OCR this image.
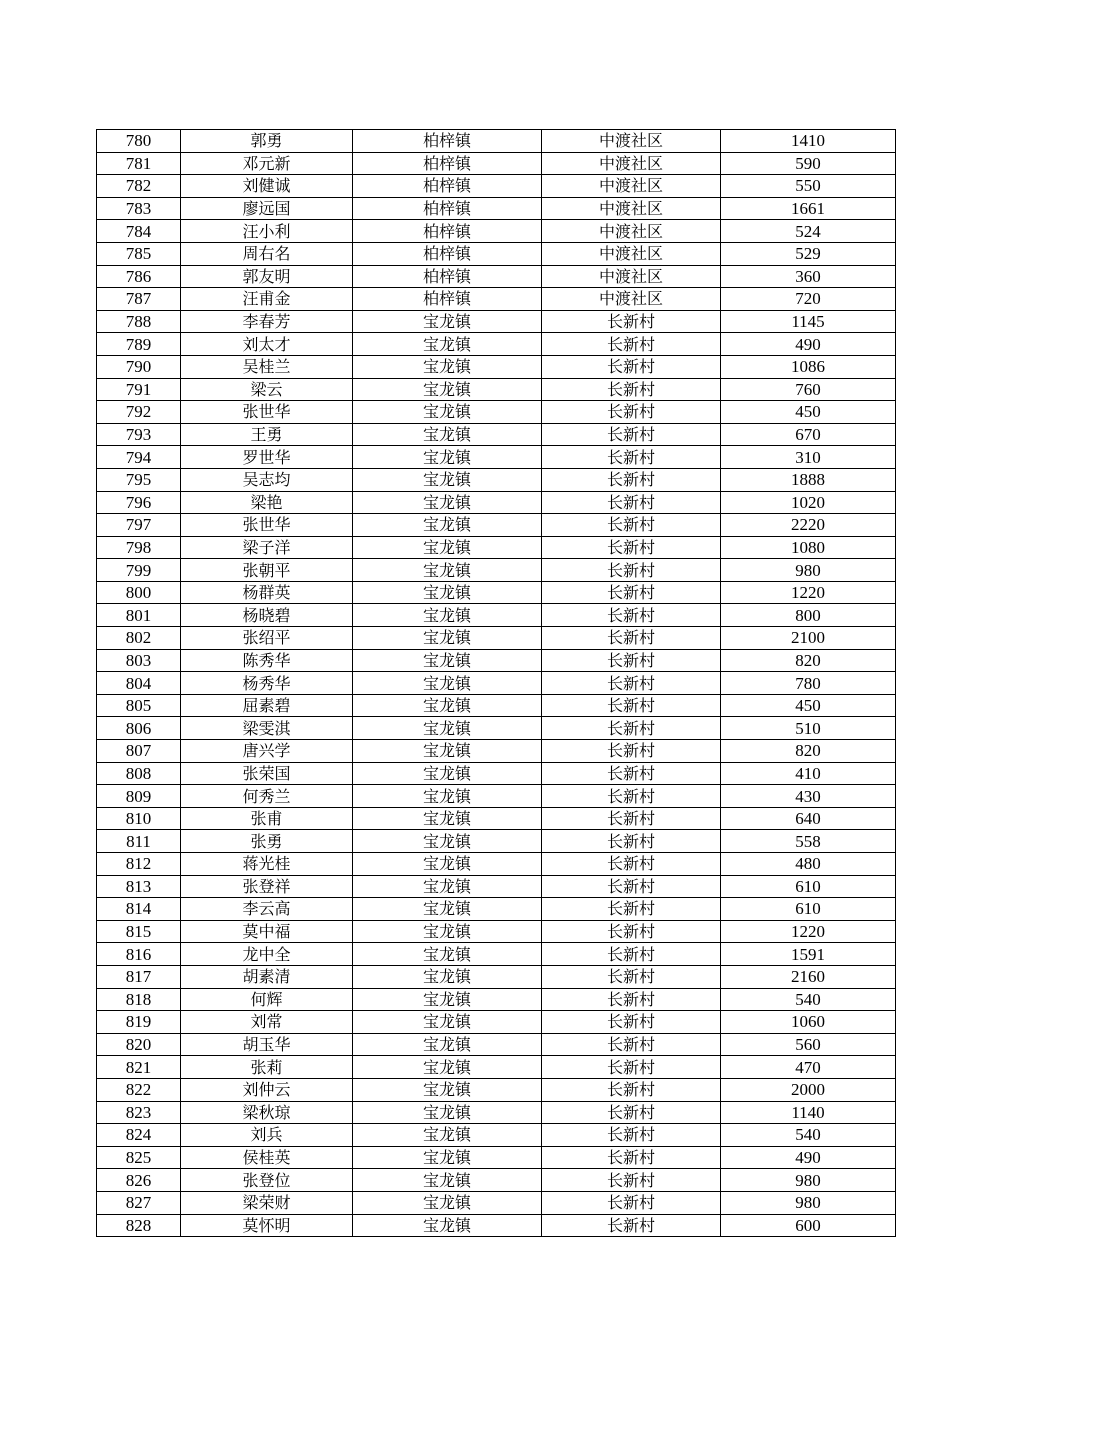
780	郭勇	柏梓镇	中渡社区	1410
781	邓元新	柏梓镇	中渡社区	590
782	刘健诚	柏梓镇	中渡社区	550
783	廖远国	柏梓镇	中渡社区	1661
784	汪小利	柏梓镇	中渡社区	524
785	周右名	柏梓镇	中渡社区	529
786	郭友明	柏梓镇	中渡社区	360
787	汪甫金	柏梓镇	中渡社区	720
788	李春芳	宝龙镇	长新村	1145
789	刘太才	宝龙镇	长新村	490
790	吴桂兰	宝龙镇	长新村	1086
791	梁云	宝龙镇	长新村	760
792	张世华	宝龙镇	长新村	450
793	王勇	宝龙镇	长新村	670
794	罗世华	宝龙镇	长新村	310
795	吴志均	宝龙镇	长新村	1888
796	梁艳	宝龙镇	长新村	1020
797	张世华	宝龙镇	长新村	2220
798	梁子洋	宝龙镇	长新村	1080
799	张朝平	宝龙镇	长新村	980
800	杨群英	宝龙镇	长新村	1220
801	杨晓碧	宝龙镇	长新村	800
802	张绍平	宝龙镇	长新村	2100
803	陈秀华	宝龙镇	长新村	820
804	杨秀华	宝龙镇	长新村	780
805	屈素碧	宝龙镇	长新村	450
806	梁雯淇	宝龙镇	长新村	510
807	唐兴学	宝龙镇	长新村	820
808	张荣国	宝龙镇	长新村	410
809	何秀兰	宝龙镇	长新村	430
810	张甫	宝龙镇	长新村	640
811	张勇	宝龙镇	长新村	558
812	蒋光桂	宝龙镇	长新村	480
813	张登祥	宝龙镇	长新村	610
814	李云高	宝龙镇	长新村	610
815	莫中福	宝龙镇	长新村	1220
816	龙中全	宝龙镇	长新村	1591
817	胡素清	宝龙镇	长新村	2160
818	何辉	宝龙镇	长新村	540
819	刘常	宝龙镇	长新村	1060
820	胡玉华	宝龙镇	长新村	560
821	张莉	宝龙镇	长新村	470
822	刘仲云	宝龙镇	长新村	2000
823	梁秋琼	宝龙镇	长新村	1140
824	刘兵	宝龙镇	长新村	540
825	侯桂英	宝龙镇	长新村	490
826	张登位	宝龙镇	长新村	980
827	梁荣财	宝龙镇	长新村	980
828	莫怀明	宝龙镇	长新村	600
